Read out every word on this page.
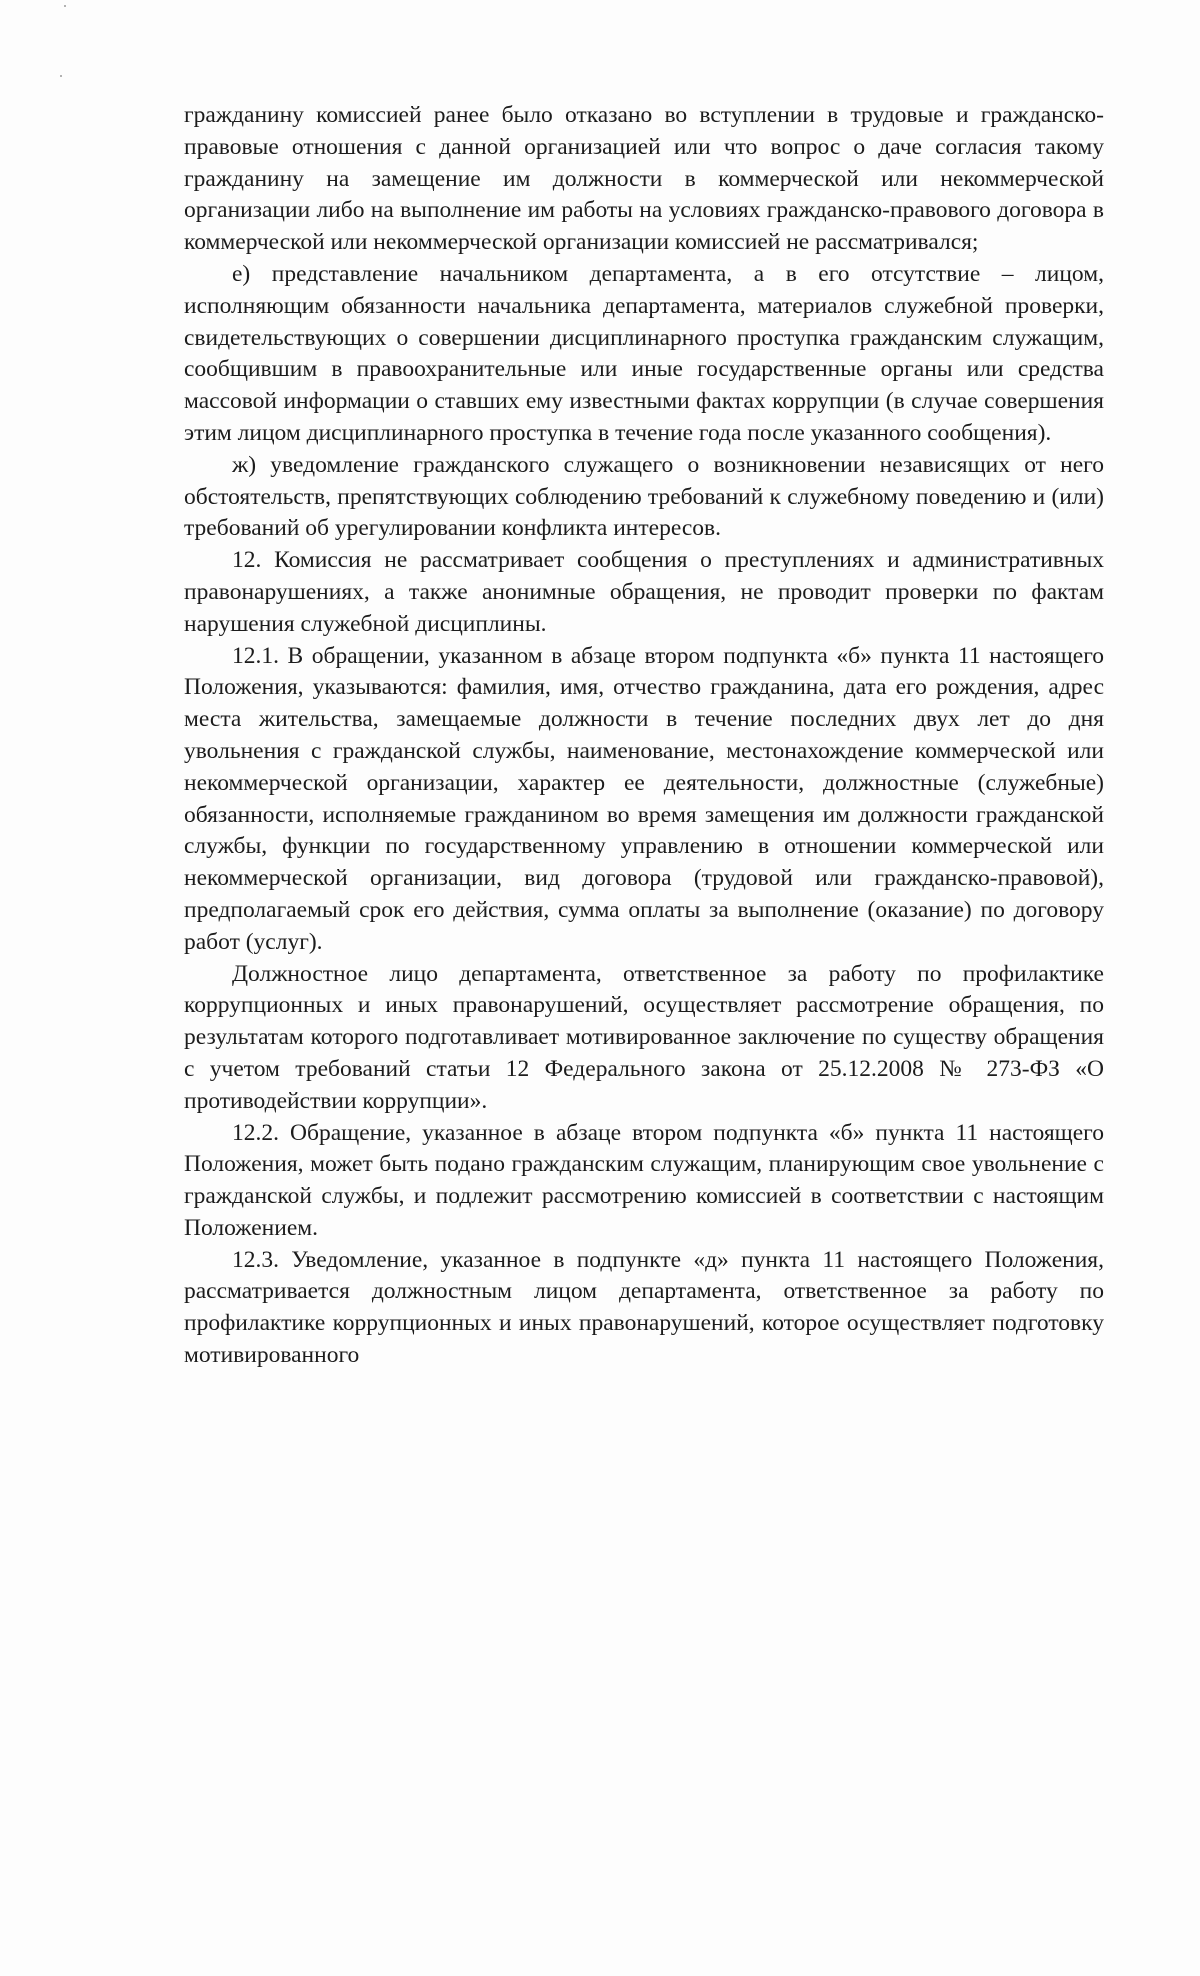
гражданину комиссией ранее было отказано во вступлении в трудовые и гражданско-правовые отношения с данной организацией или что вопрос о даче согласия такому гражданину на замещение им должности в коммерческой или некоммерческой организации либо на выполнение им работы на условиях гражданско-правового договора в коммерческой или некоммерческой организации комиссией не рассматривался;

е) представление начальником департамента, а в его отсутствие – лицом, исполняющим обязанности начальника департамента, материалов служебной проверки, свидетельствующих о совершении дисциплинарного проступка гражданским служащим, сообщившим в правоохранительные или иные государственные органы или средства массовой информации о ставших ему известными фактах коррупции (в случае совершения этим лицом дисциплинарного проступка в течение года после указанного сообщения).

ж) уведомление гражданского служащего о возникновении независящих от него обстоятельств, препятствующих соблюдению требований к служебному поведению и (или) требований об урегулировании конфликта интересов.

12. Комиссия не рассматривает сообщения о преступлениях и административных правонарушениях, а также анонимные обращения, не проводит проверки по фактам нарушения служебной дисциплины.

12.1. В обращении, указанном в абзаце втором подпункта «б» пункта 11 настоящего Положения, указываются: фамилия, имя, отчество гражданина, дата его рождения, адрес места жительства, замещаемые должности в течение последних двух лет до дня увольнения с гражданской службы, наименование, местонахождение коммерческой или некоммерческой организации, характер ее деятельности, должностные (служебные) обязанности, исполняемые гражданином во время замещения им должности гражданской службы, функции по государственному управлению в отношении коммерческой или некоммерческой организации, вид договора (трудовой или гражданско-правовой), предполагаемый срок его действия, сумма оплаты за выполнение (оказание) по договору работ (услуг).

Должностное лицо департамента, ответственное за работу по профилактике коррупционных и иных правонарушений, осуществляет рассмотрение обращения, по результатам которого подготавливает мотивированное заключение по существу обращения с учетом требований статьи 12 Федерального закона от 25.12.2008 № 273-ФЗ «О противодействии коррупции».

12.2. Обращение, указанное в абзаце втором подпункта «б» пункта 11 настоящего Положения, может быть подано гражданским служащим, планирующим свое увольнение с гражданской службы, и подлежит рассмотрению комиссией в соответствии с настоящим Положением.

12.3. Уведомление, указанное в подпункте «д» пункта 11 настоящего Положения, рассматривается должностным лицом департамента, ответственное за работу по профилактике коррупционных и иных правонарушений, которое осуществляет подготовку мотивированного
